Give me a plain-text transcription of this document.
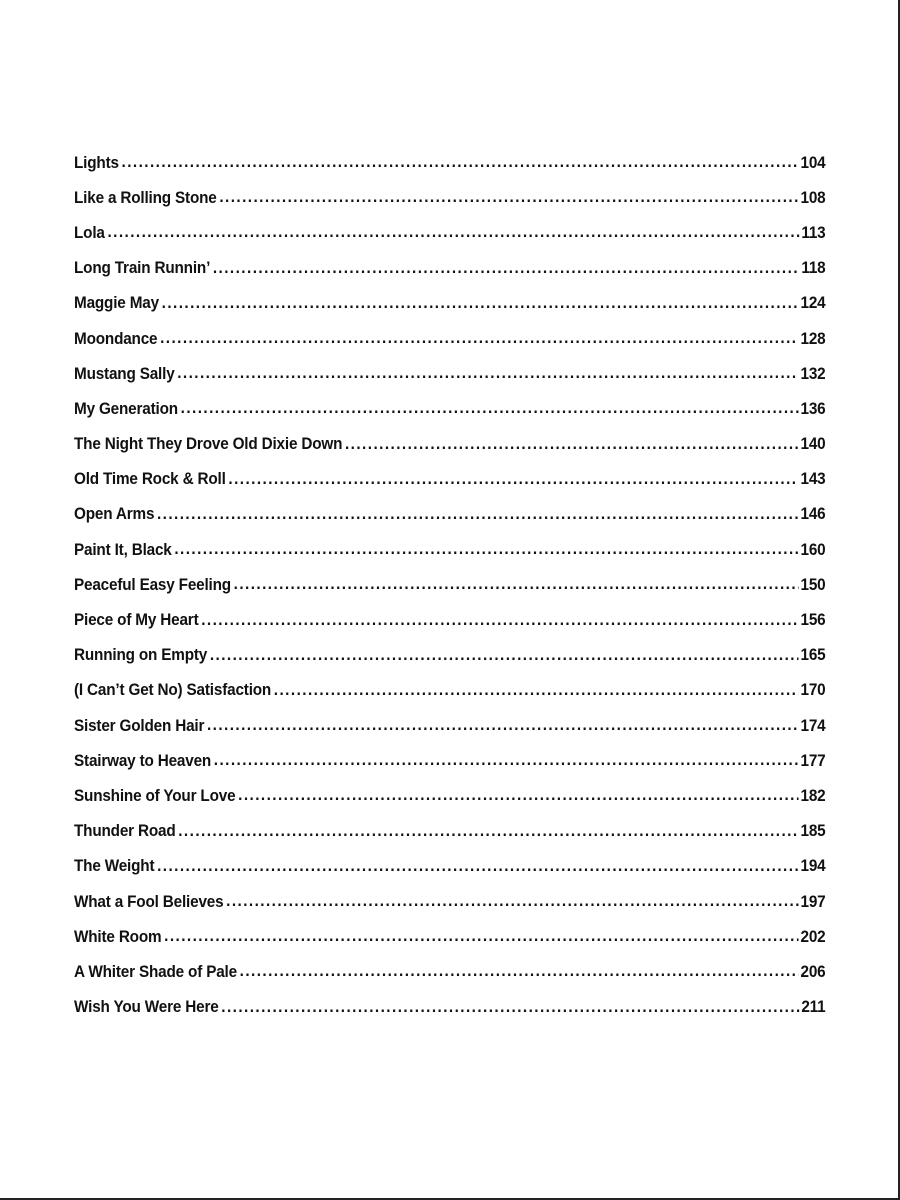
Lights .....	104
Like a Rolling Stone .....	108
Lola .....	113
Long Train Runnin’ .....	118
Maggie May .....	124
Moondance .....	128
Mustang Sally .....	132
My Generation .....	136
The Night They Drove Old Dixie Down .....	140
Old Time Rock & Roll .....	143
Open Arms .....	146
Paint It, Black .....	160
Peaceful Easy Feeling .....	150
Piece of My Heart .....	156
Running on Empty .....	165
(I Can’t Get No) Satisfaction .....	170
Sister Golden Hair .....	174
Stairway to Heaven .....	177
Sunshine of Your Love .....	182
Thunder Road .....	185
The Weight .....	194
What a Fool Believes .....	197
White Room .....	202
A Whiter Shade of Pale .....	206
Wish You Were Here .....	211
